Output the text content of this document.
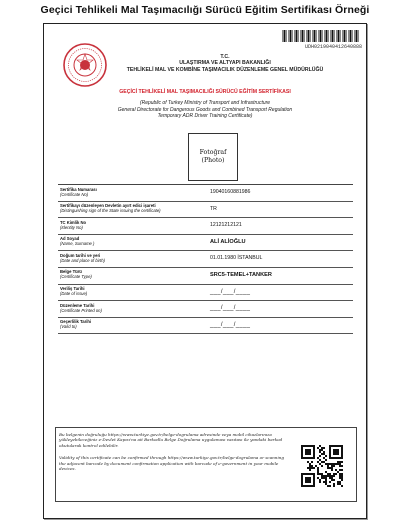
Geçici Tehlikeli Mal Taşımacılığı Sürücü Eğitim Sertifikası Örneği
UDH0219040412640888
T.C.
ULAŞTIRMA VE ALTYAPI BAKANLIĞI
TEHLİKELİ MAL VE KOMBİNE TAŞIMACILIK DÜZENLEME GENEL MÜDÜRLÜĞÜ
GEÇİCİ TEHLİKELİ MAL TAŞIMACILIĞI SÜRÜCÜ EĞİTİM SERTİFİKASI
(Republic of Turkey Ministry of Transport and Infrastructure
General Directorate for Dangerous Goods and Combined Transport Regulation
Temporary ADR Driver Training Certificate)
Fotoğraf
(Photo)
Sertifika Numarası
(Certificate No)	19040160881986
Sertifikayı düzenleyen Devletin ayırt edici işareti
(Distinguishing sign of the State issuing the certificate)	TR
TC Kimlik No
(Identity No)	12121212121
Ad Soyad
(Name, Surname )	ALİ ALİOĞLU
Doğum tarihi ve yeri
(Date and place of birth)	01.01.1980 İSTANBUL
Belge Türü
(Certificate Type)	SRC5-TEMEL+TANKER
Veriliş Tarihi
(Date of issue)	___/___/____
Düzenleme Tarihi
(Certificate Printed on)	___/___/____
Geçerlilik Tarihi
(Valid to)	___/___/____

Bu belgenin doğruluğu https://www.turkiye.gov.tr/belge-dogrulama adresinde veya mobil cihazlarınıza yükleyebileceğiniz e-Devlet Kapısı'na ait Barkodlu Belge Doğrulama uygulaması vasıtası ile yandaki barkod okutularak kontrol edilebilir.

Validity of this certificate can be confirmed through https://www.turkiye.gov.tr/belge-dogrulama or scanning the adjacent barcode by document confirmation application with barcode of e-government in your mobile devices.
